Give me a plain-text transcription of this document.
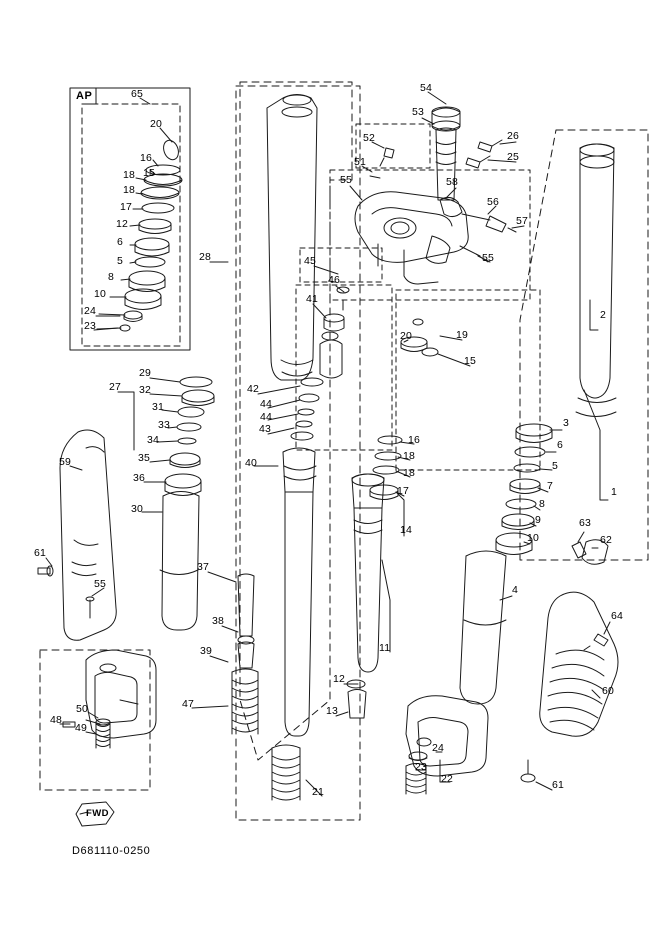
AP	65
20
15
16
18
18
17
12
6
5
8
10
24
23
28
27
29
32
31
33
34
35
36
30
59
61
55
48
50
49
37
38
39
47
40
42
44
44
43
45
46
41
21
12
13
11
14
16
18
18
17
20	19
15
54
53
52
51
55	58
56
57
55
26
25
2
1
3
6
5
7
8
9
10
4
63
62
64
60
61
24
23
22
FWD
D681110-0250
